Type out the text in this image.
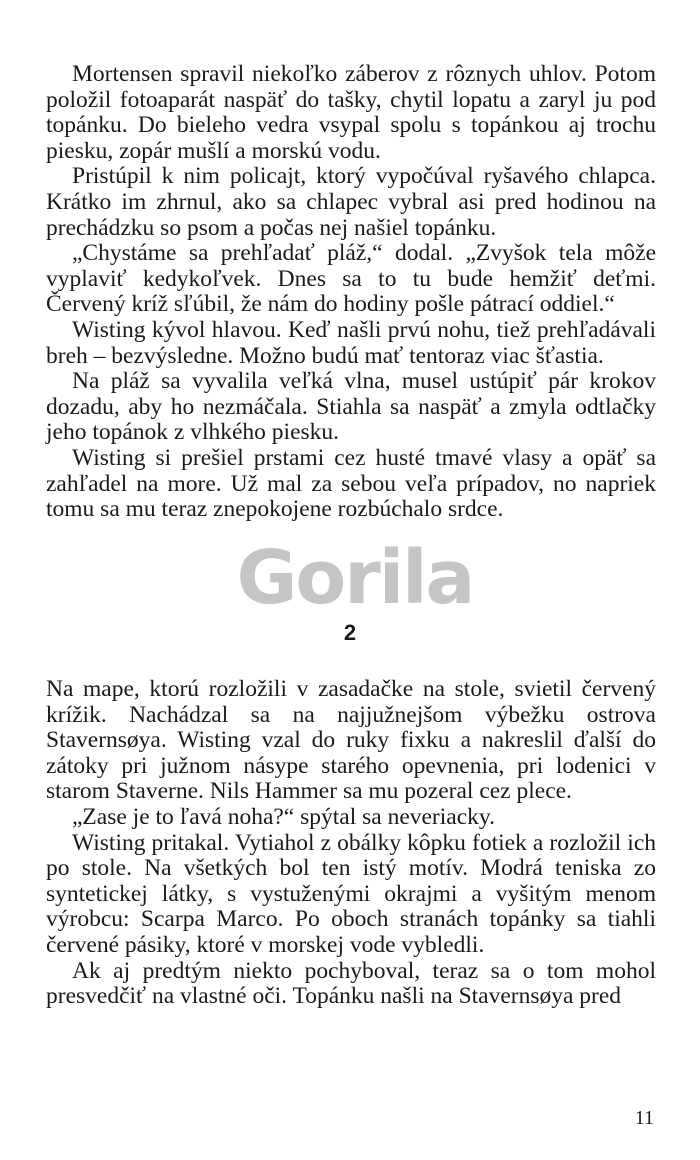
Mortensen spravil niekoľko záberov z rôznych uhlov. Potom položil fotoaparát naspäť do tašky, chytil lopatu a zaryl ju pod topánku. Do bieleho vedra vsypal spolu s topánkou aj trochu piesku, zopár mušlí a morskú vodu.

Pristúpil k nim policajt, ktorý vypočúval ryšavého chlapca. Krátko im zhrnul, ako sa chlapec vybral asi pred hodinou na prechádzku so psom a počas nej našiel topánku.

„Chystáme sa prehľadať pláž,“ dodal. „Zvyšok tela môže vyplaviť kedykoľvek. Dnes sa to tu bude hemžiť deťmi. Červený kríž sľúbil, že nám do hodiny pošle pátrací oddiel.“

Wisting kývol hlavou. Keď našli prvú nohu, tiež prehľadávali breh – bezvýsledne. Možno budú mať tentoraz viac šťastia.

Na pláž sa vyvalila veľká vlna, musel ustúpiť pár krokov dozadu, aby ho nezmáčala. Stiahla sa naspäť a zmyla odtlačky jeho topánok z vlhkého piesku.

Wisting si prešiel prstami cez husté tmavé vlasy a opäť sa zahľadel na more. Už mal za sebou veľa prípadov, no napriek tomu sa mu teraz znepokojene rozbúchalo srdce.

Gorila
2

Na mape, ktorú rozložili v zasadačke na stole, svietil červený krížik. Nachádzal sa na najjužnejšom výbežku ostrova Stavernsøya. Wisting vzal do ruky fixku a nakreslil ďalší do zátoky pri južnom násype starého opevnenia, pri lodenici v starom Staverne. Nils Hammer sa mu pozeral cez plece.

„Zase je to ľavá noha?“ spýtal sa neveriacky.

Wisting pritakal. Vytiahol z obálky kôpku fotiek a rozložil ich po stole. Na všetkých bol ten istý motív. Modrá teniska zo syntetickej látky, s vystuženými okrajmi a vyšitým menom výrobcu: Scarpa Marco. Po oboch stranách topánky sa tiahli červené pásiky, ktoré v morskej vode vybledli.

Ak aj predtým niekto pochyboval, teraz sa o tom mohol presvedčiť na vlastné oči. Topánku našli na Stavernsøya pred

11
